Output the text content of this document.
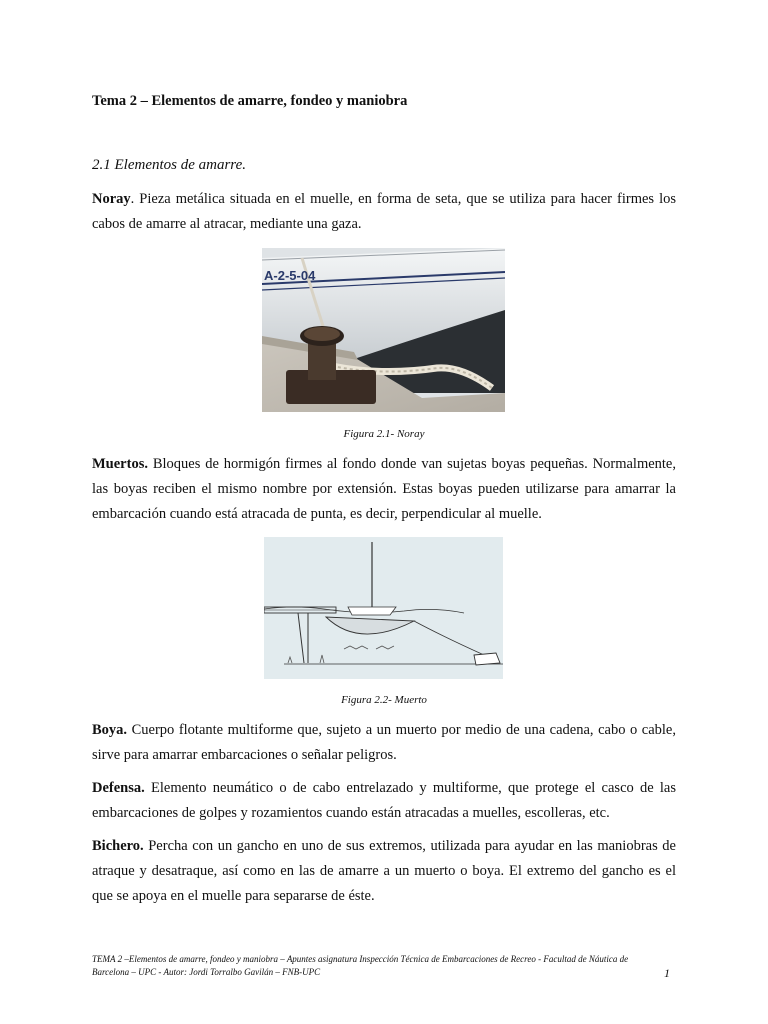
Tema 2 – Elementos de amarre, fondeo y maniobra
2.1 Elementos de amarre.
Noray. Pieza metálica situada en el muelle, en forma de seta, que se utiliza para hacer firmes los cabos de amarre al atracar, mediante una gaza.
A-2-5-04
Figura 2.1- Noray
Muertos. Bloques de hormigón firmes al fondo donde van sujetas boyas pequeñas. Normalmente, las boyas reciben el mismo nombre por extensión. Estas boyas pueden utilizarse para amarrar la embarcación cuando está atracada de punta, es decir, perpendicular al muelle.
Figura 2.2- Muerto
Boya. Cuerpo flotante multiforme que, sujeto a un muerto por medio de una cadena, cabo o cable, sirve para amarrar embarcaciones o señalar peligros.
Defensa. Elemento neumático o de cabo entrelazado y multiforme, que protege el casco de las embarcaciones de golpes y rozamientos cuando están atracadas a muelles, escolleras, etc.
Bichero. Percha con un gancho en uno de sus extremos, utilizada para ayudar en las maniobras de atraque y desatraque, así como en las de amarre a un muerto o boya. El extremo del gancho es el que se apoya en el muelle para separarse de éste.
TEMA 2 –Elementos de amarre, fondeo y maniobra – Apuntes asignatura Inspección Técnica de Embarcaciones de Recreo - Facultad de Náutica de Barcelona – UPC - Autor: Jordi Torralbo Gavilán – FNB-UPC	1
